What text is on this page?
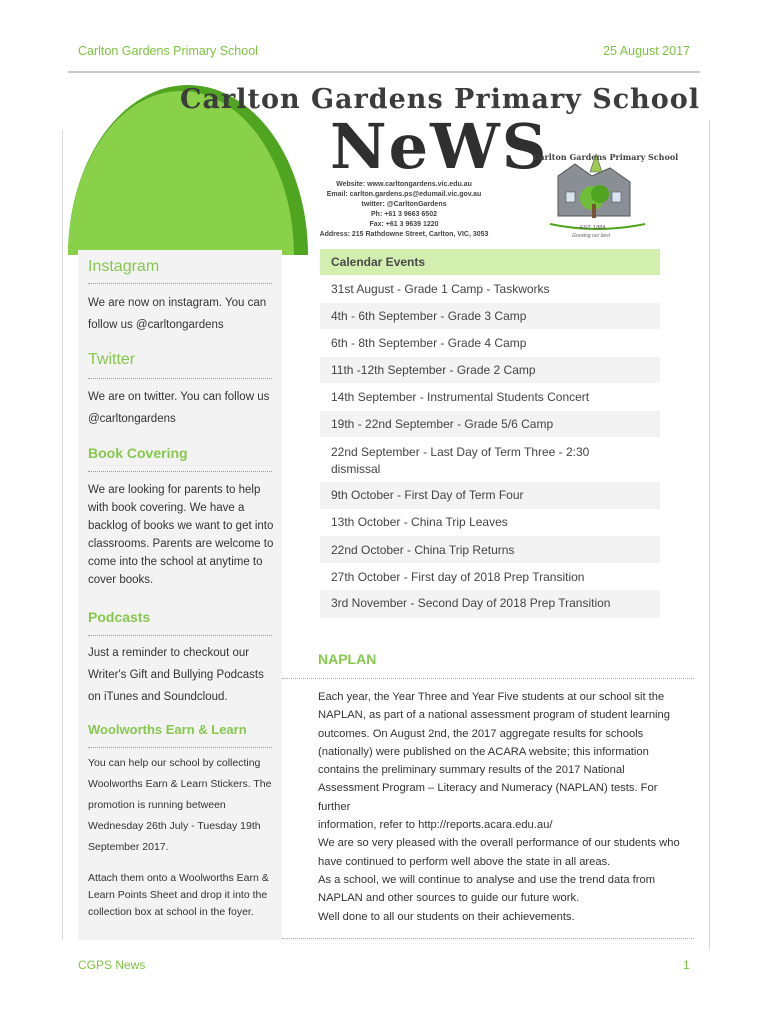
Carlton Gardens Primary School	25 August 2017
Carlton Gardens Primary School
NeWS
Website: www.carltongardens.vic.edu.au
Email: carlton.gardens.ps@edumail.vic.gov.au
twitter: @CarltonGardens
Ph: +61 3 9663 6502
Fax: +61 3 9639 1220
Address: 215 Rathdowne Street, Carlton, VIC, 3053
Carlton Gardens Primary School
EST. 1884
Growing our best
Instagram
We are now on instagram. You can
follow us @carltongardens
Twitter
We are on twitter. You can follow us
@carltongardens
Book Covering
We are looking for parents to help
with book covering. We have a
backlog of books we want to get into
classrooms. Parents are welcome to
come into the school at anytime to
cover books.
Podcasts
Just a reminder to checkout our
Writer's Gift and Bullying Podcasts
on iTunes and Soundcloud.
Woolworths Earn & Learn
You can help our school by collecting
Woolworths Earn & Learn Stickers. The
promotion is running between
Wednesday 26th July - Tuesday 19th
September 2017.
Attach them onto a Woolworths Earn &
Learn Points Sheet and drop it into the
collection box at school in the foyer.
Calendar Events
31st August - Grade 1 Camp - Taskworks
4th - 6th September - Grade 3 Camp
6th - 8th September - Grade 4 Camp
11th -12th September - Grade 2 Camp
14th September - Instrumental Students Concert
19th - 22nd September - Grade 5/6 Camp
22nd September - Last Day of Term Three - 2:30
dismissal
9th October - First Day of Term Four
13th October - China Trip Leaves
22nd October - China Trip Returns
27th October - First day of 2018 Prep Transition
3rd November - Second Day of 2018 Prep Transition
NAPLAN

Each year, the Year Three and Year Five students at our school sit the

NAPLAN, as part of a national assessment program of student learning

outcomes. On August 2nd, the 2017 aggregate results for schools

(nationally) were published on the ACARA website; this information

contains the preliminary summary results of the 2017 National

Assessment Program – Literacy and Numeracy (NAPLAN) tests. For further

information, refer to http://reports.acara.edu.au/

We are so very pleased with the overall performance of our students who

have continued to perform well above the state in all areas.

As a school, we will continue to analyse and use the trend data from

NAPLAN and other sources to guide our future work.

Well done to all our students on their achievements.

CGPS News	1
